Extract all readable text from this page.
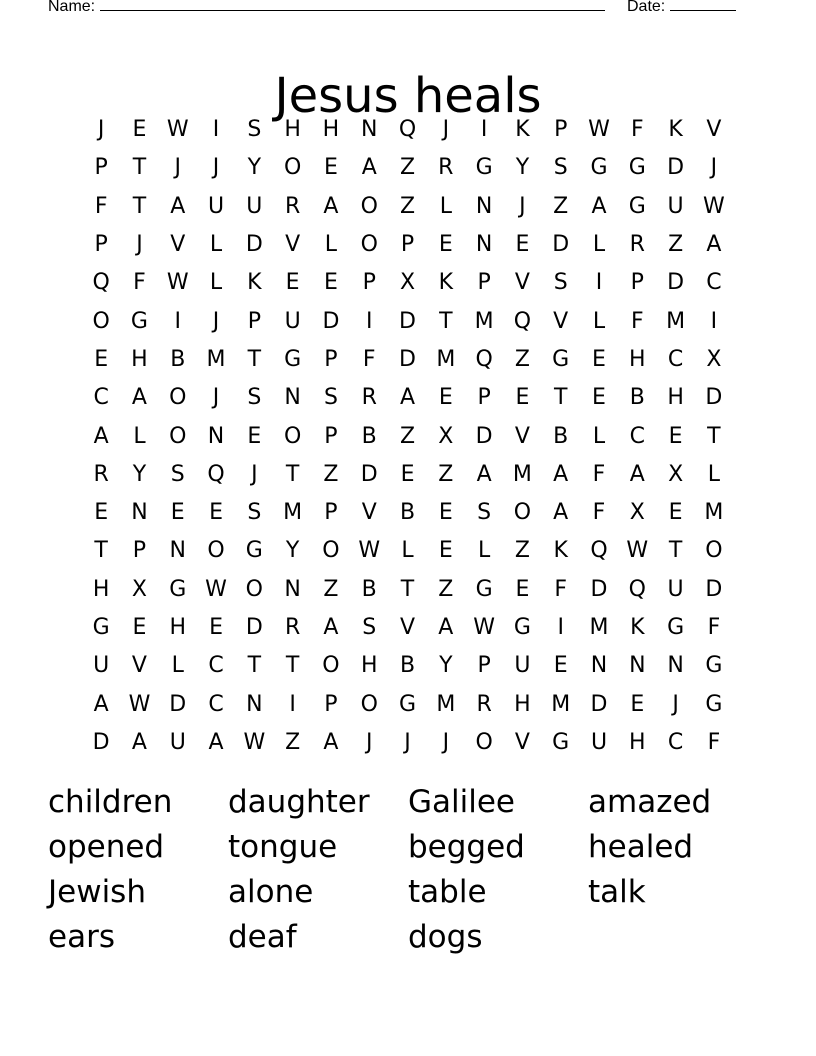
Name:	Date:
Jesus heals
J	E W	I	S	H H N Q	J	I	K	P W F	K	V
P	T	J	J	Y	O	E	A	Z	R	G	Y	S	G G D	J
F	T	A	U	U	R	A	O	Z	L	N	J	Z	A	G U W
P	J	V	L	D	V	L	O	P	E	N	E	D	L	R	Z	A
Q	F W L	K	E	E	P	X	K	P	V	S	I	P	D	C
O G	I	J	P	U D	I	D	T	M Q	V	L	F	M	I
E	H	B M	T	G	P	F	D M Q	Z	G	E	H	C	X
C	A	O	J	S	N	S	R	A	E	P	E	T	E	B	H D
A	L	O N	E	O	P	B	Z	X	D	V	B	L	C	E	T
R	Y	S	Q	J	T	Z	D	E	Z	A M A	F	A	X	L
E	N	E	E	S M	P	V	B	E	S	O	A	F	X	E M
T	P	N O G	Y	O W L	E	L	Z	K	Q W T	O
H	X	G W O N	Z	B	T	Z	G	E	F	D Q U D
G	E	H	E	D	R	A	S	V	A W G	I	M K	G	F
U	V	L	C	T	T	O H	B	Y	P	U	E	N N N G
A W D	C	N	I	P	O G M R	H M D	E	J	G
D	A	U	A W Z	A	J	J	J	O	V	G U H	C	F
children	daughter	Galilee	amazed
opened	tongue	begged	healed
Jewish	alone	table	talk
ears	deaf	dogs
